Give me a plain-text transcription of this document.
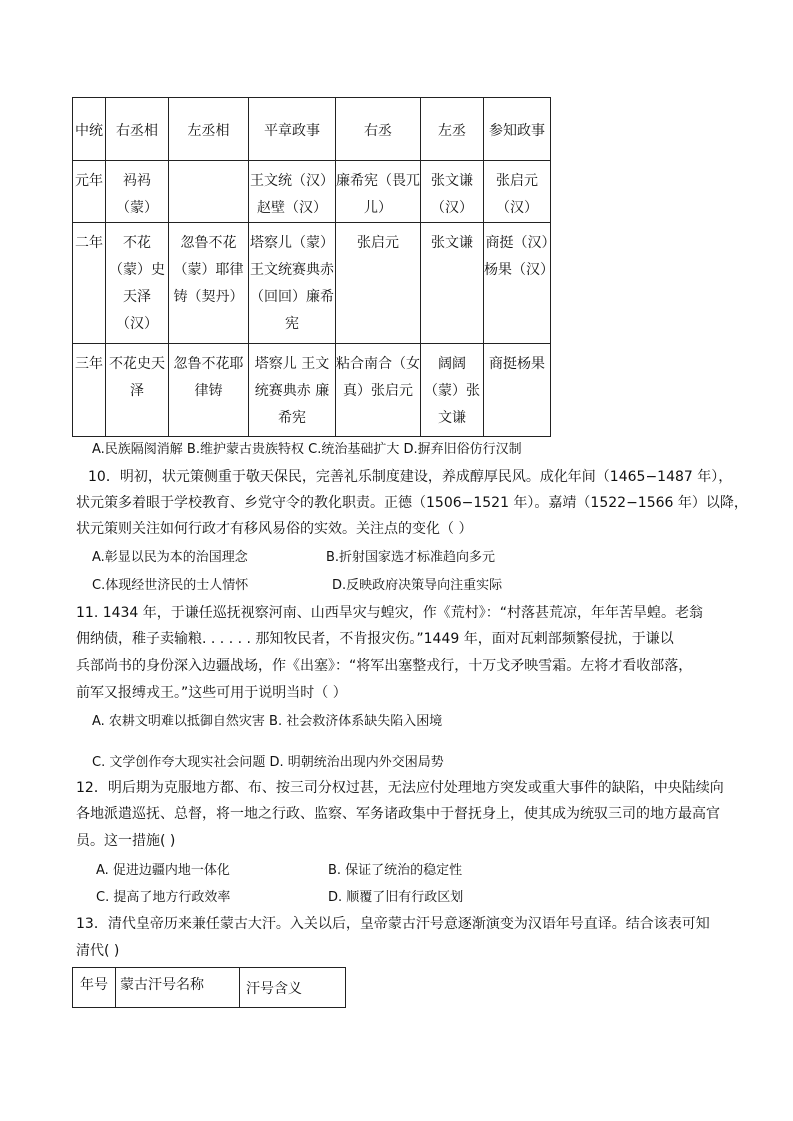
中统	右丞相	左丞相	平章政事	右丞	左丞	参知政事

元年	祃祃（蒙）		王文统（汉）赵壁（汉）	廉希宪（畏兀儿）	张文谦（汉）	张启元（汉）

二年	不花（蒙）史天泽（汉）	忽鲁不花（蒙）耶律铸（契丹）	塔察儿（蒙）王文统赛典赤（回回）廉希宪	张启元	张文谦	商挺（汉）杨果（汉）

三年	不花史天泽	忽鲁不花耶律铸	塔察儿 王文统赛典赤 廉希宪	粘合南合（女真）张启元	阔阔（蒙）张文谦	商挺杨果
A.民族隔阂消解 B.维护蒙古贵族特权 C.统治基础扩大 D.摒弃旧俗仿行汉制
10．明初，状元策侧重于敬天保民，完善礼乐制度建设，养成醇厚民风。成化年间（1465−1487 年），
状元策多着眼于学校教育、乡党守令的教化职责。正德（1506−1521 年）。嘉靖（1522−1566 年）以降，
状元策则关注如何行政才有移风易俗的实效。关注点的变化（ ）
A.彰显以民为本的治国理念	B.折射国家选才标准趋向多元
C.体现经世济民的士人情怀	D.反映政府决策导向注重实际
11. 1434 年，于谦任巡抚视察河南、山西旱灾与蝗灾，作《荒村》：“村落甚荒凉，年年苦旱蝗。老翁
佣纳债，稚子卖输粮. . . . . . 那知牧民者，不肯报灾伤。”1449 年，面对瓦剌部频繁侵扰，于谦以
兵部尚书的身份深入边疆战场，作《出塞》：“将军出塞整戎行，十万戈矛映雪霜。左将才看收部落，
前军又报缚戎王。”这些可用于说明当时（ ）
A. 农耕文明难以抵御自然灾害 B. 社会救济体系缺失陷入困境
C. 文学创作夸大现实社会问题 D. 明朝统治出现内外交困局势
12．明后期为克服地方都、布、按三司分权过甚，无法应付处理地方突发或重大事件的缺陷，中央陆续向
各地派遣巡抚、总督，将一地之行政、监察、军务诸政集中于督抚身上，使其成为统驭三司的地方最高官
员。这一措施( )
A. 促进边疆内地一体化	B. 保证了统治的稳定性
C. 提高了地方行政效率	D. 顺覆了旧有行政区划
13．清代皇帝历来兼任蒙古大汗。入关以后，皇帝蒙古汗号意逐渐演变为汉语年号直译。结合该表可知
清代( )
年号	蒙古汗号名称	汗号含义
